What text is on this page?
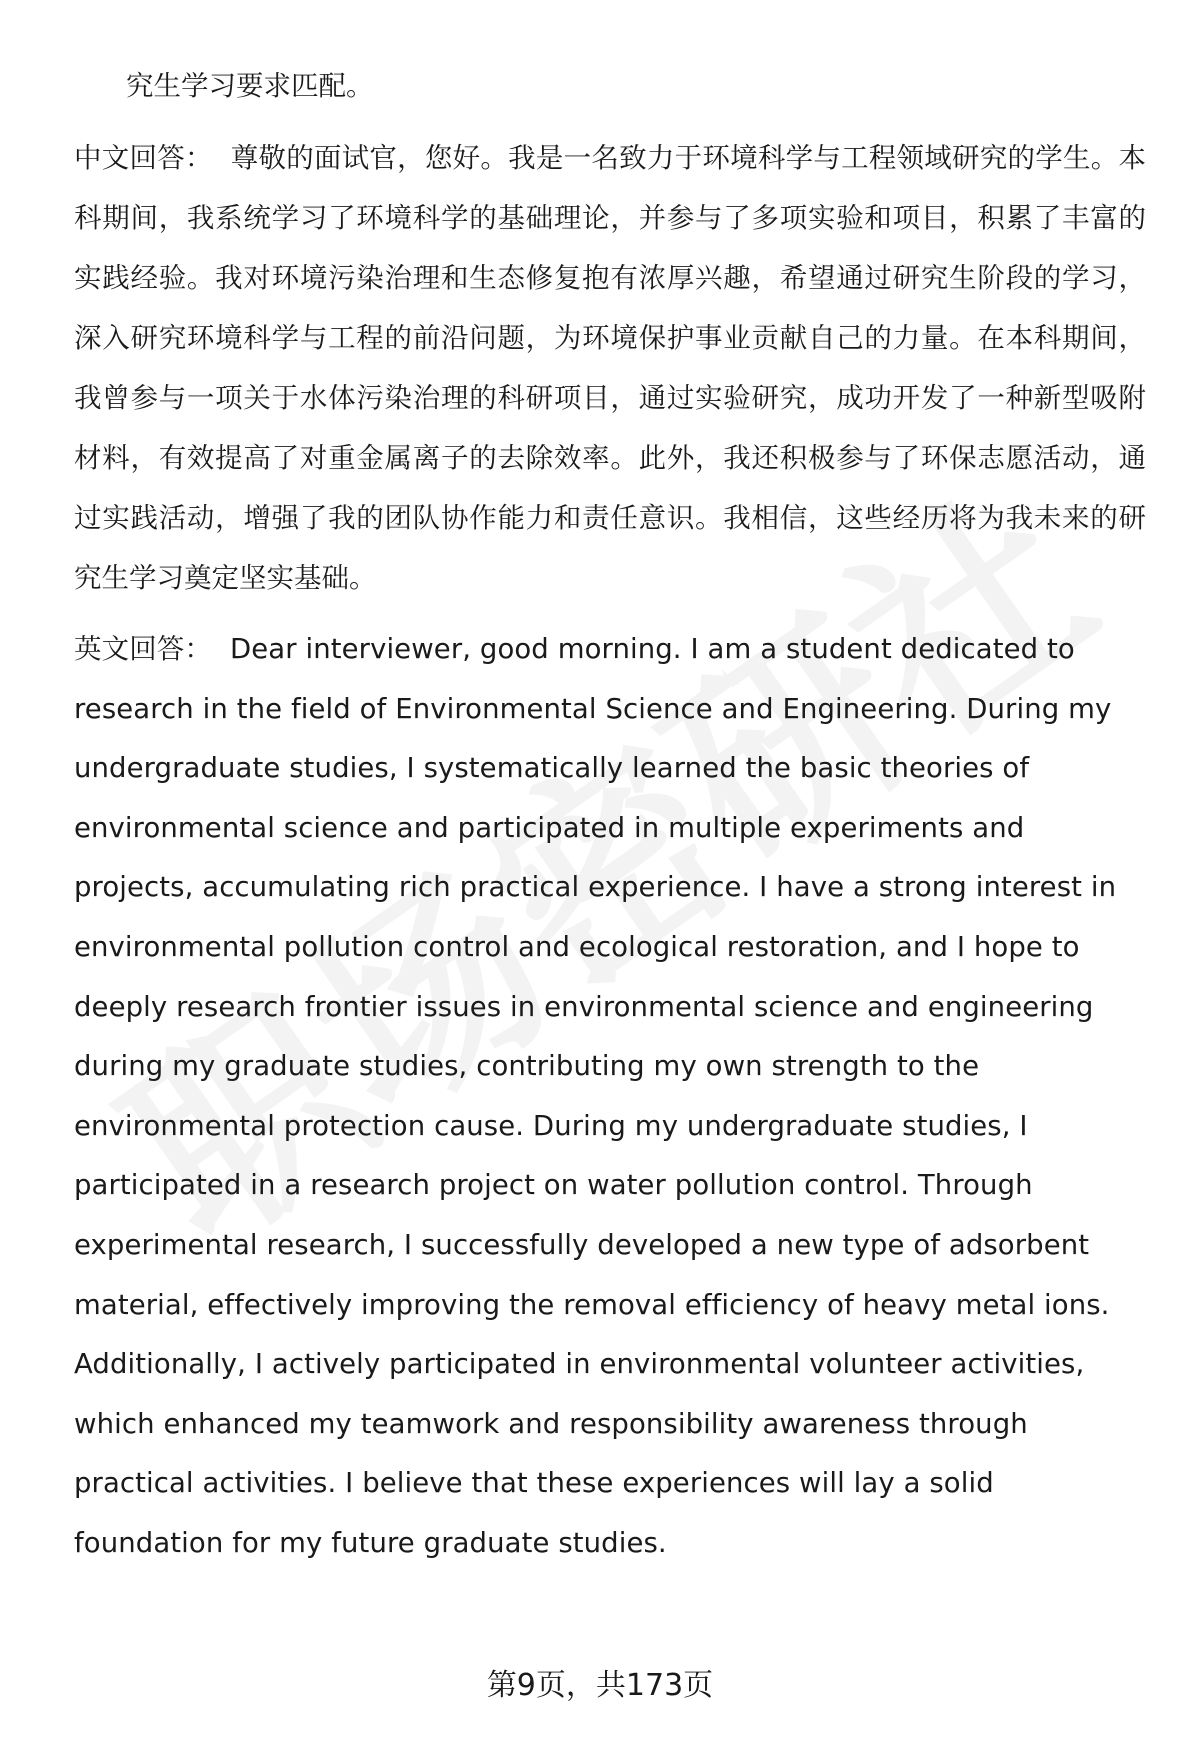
究生学习要求匹配。

中文回答： 尊敬的面试官，您好。我是一名致力于环境科学与工程领域研究的学生。本科期间，我系统学习了环境科学的基础理论，并参与了多项实验和项目，积累了丰富的实践经验。我对环境污染治理和生态修复抱有浓厚兴趣，希望通过研究生阶段的学习，深入研究环境科学与工程的前沿问题，为环境保护事业贡献自己的力量。在本科期间，我曾参与一项关于水体污染治理的科研项目，通过实验研究，成功开发了一种新型吸附材料，有效提高了对重金属离子的去除效率。此外，我还积极参与了环保志愿活动，通过实践活动，增强了我的团队协作能力和责任意识。我相信，这些经历将为我未来的研究生学习奠定坚实基础。

英文回答： Dear interviewer, good morning. I am a student dedicated to research in the field of Environmental Science and Engineering. During my undergraduate studies, I systematically learned the basic theories of environmental science and participated in multiple experiments and projects, accumulating rich practical experience. I have a strong interest in environmental pollution control and ecological restoration, and I hope to deeply research frontier issues in environmental science and engineering during my graduate studies, contributing my own strength to the environmental protection cause. During my undergraduate studies, I participated in a research project on water pollution control. Through experimental research, I successfully developed a new type of adsorbent material, effectively improving the removal efficiency of heavy metal ions. Additionally, I actively participated in environmental volunteer activities, which enhanced my teamwork and responsibility awareness through practical activities. I believe that these experiences will lay a solid foundation for my future graduate studies.

第9页，共173页
